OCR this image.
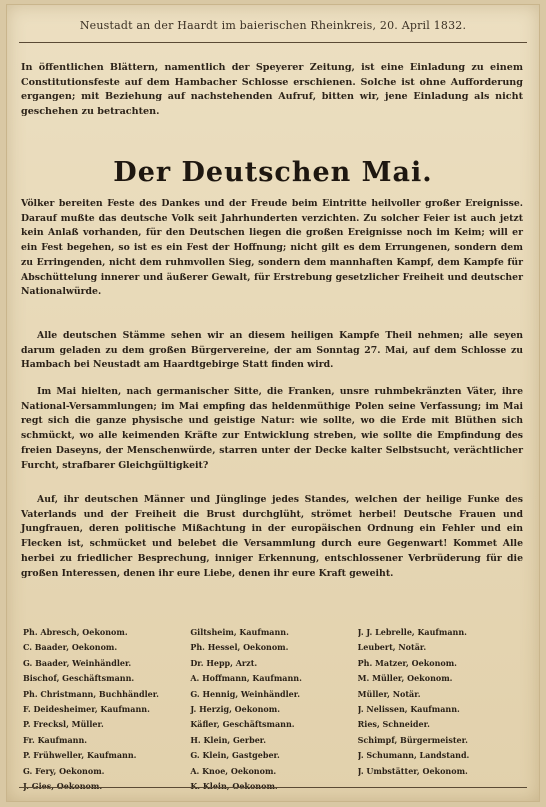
Neustadt an der Haardt im baierischen Rheinkreis, 20. April 1832.

In öffentlichen Blättern, namentlich der Speyerer Zeitung, ist eine Einladung zu einem Constitutionsfeste auf dem Hambacher Schlosse erschienen. Solche ist ohne Aufforderung ergangen; mit Beziehung auf nachstehenden Aufruf, bitten wir, jene Einladung als nicht geschehen zu betrachten.

Der Deutschen Mai.

Völker bereiten Feste des Dankes und der Freude beim Eintritte heilvoller großer Ereignisse. Darauf mußte das deutsche Volk seit Jahrhunderten verzichten. Zu solcher Feier ist auch jetzt kein Anlaß vorhanden, für den Deutschen liegen die großen Ereignisse noch im Keim; will er ein Fest begehen, so ist es ein Fest der Hoffnung; nicht gilt es dem Errungenen, sondern dem zu Erringenden, nicht dem ruhmvollen Sieg, sondern dem mannhaften Kampf, dem Kampfe für Abschüttelung innerer und äußerer Gewalt, für Erstrebung gesetzlicher Freiheit und deutscher Nationalwürde.

Alle deutschen Stämme sehen wir an diesem heiligen Kampfe Theil nehmen; alle seyen darum geladen zu dem großen Bürgervereine, der am Sonntag 27. Mai, auf dem Schlosse zu Hambach bei Neustadt am Haardtgebirge Statt finden wird.

Im Mai hielten, nach germanischer Sitte, die Franken, unsre ruhmbekränzten Väter, ihre National-Versammlungen; im Mai empfing das heldenmüthige Polen seine Verfassung; im Mai regt sich die ganze physische und geistige Natur: wie sollte, wo die Erde mit Blüthen sich schmückt, wo alle keimenden Kräfte zur Entwicklung streben, wie sollte die Empfindung des freien Daseyns, der Menschenwürde, starren unter der Decke kalter Selbstsucht, verächtlicher Furcht, strafbarer Gleichgültigkeit?

Auf, ihr deutschen Männer und Jünglinge jedes Standes, welchen der heilige Funke des Vaterlands und der Freiheit die Brust durchglüht, strömet herbei! Deutsche Frauen und Jungfrauen, deren politische Mißachtung in der europäischen Ordnung ein Fehler und ein Flecken ist, schmücket und belebet die Versammlung durch eure Gegenwart! Kommet Alle herbei zu friedlicher Besprechung, inniger Erkennung, entschlossener Verbrüderung für die großen Interessen, denen ihr eure Liebe, denen ihr eure Kraft geweiht.

Ph. Abresch, Oekonom.
C. Baader, Oekonom.
G. Baader, Weinhändler.
Bischof, Geschäftsmann.
Ph. Christmann, Buchhändler.
F. Deidesheimer, Kaufmann.
P. Frecksl, Müller.
Fr. Kaufmann.
P. Frühweller, Kaufmann.
G. Fery, Oekonom.
J. Gies, Oekonom.
Giltsheim, Kaufmann.
Ph. Hessel, Oekonom.
Dr. Hepp, Arzt.
A. Hoffmann, Kaufmann.
G. Hennig, Weinhändler.
J. Herzig, Oekonom.
Käfler, Geschäftsmann.
H. Klein, Gerber.
G. Klein, Gastgeber.
A. Knoe, Oekonom.
K. Klein, Oekonom.
J. J. Lebrelle, Kaufmann.
Leubert, Notär.
Ph. Matzer, Oekonom.
M. Müller, Oekonom.
Müller, Notär.
J. Nelissen, Kaufmann.
Ries, Schneider.
Schimpf, Bürgermeister.
J. Schumann, Landstand.
J. Umbstätter, Oekonom.
